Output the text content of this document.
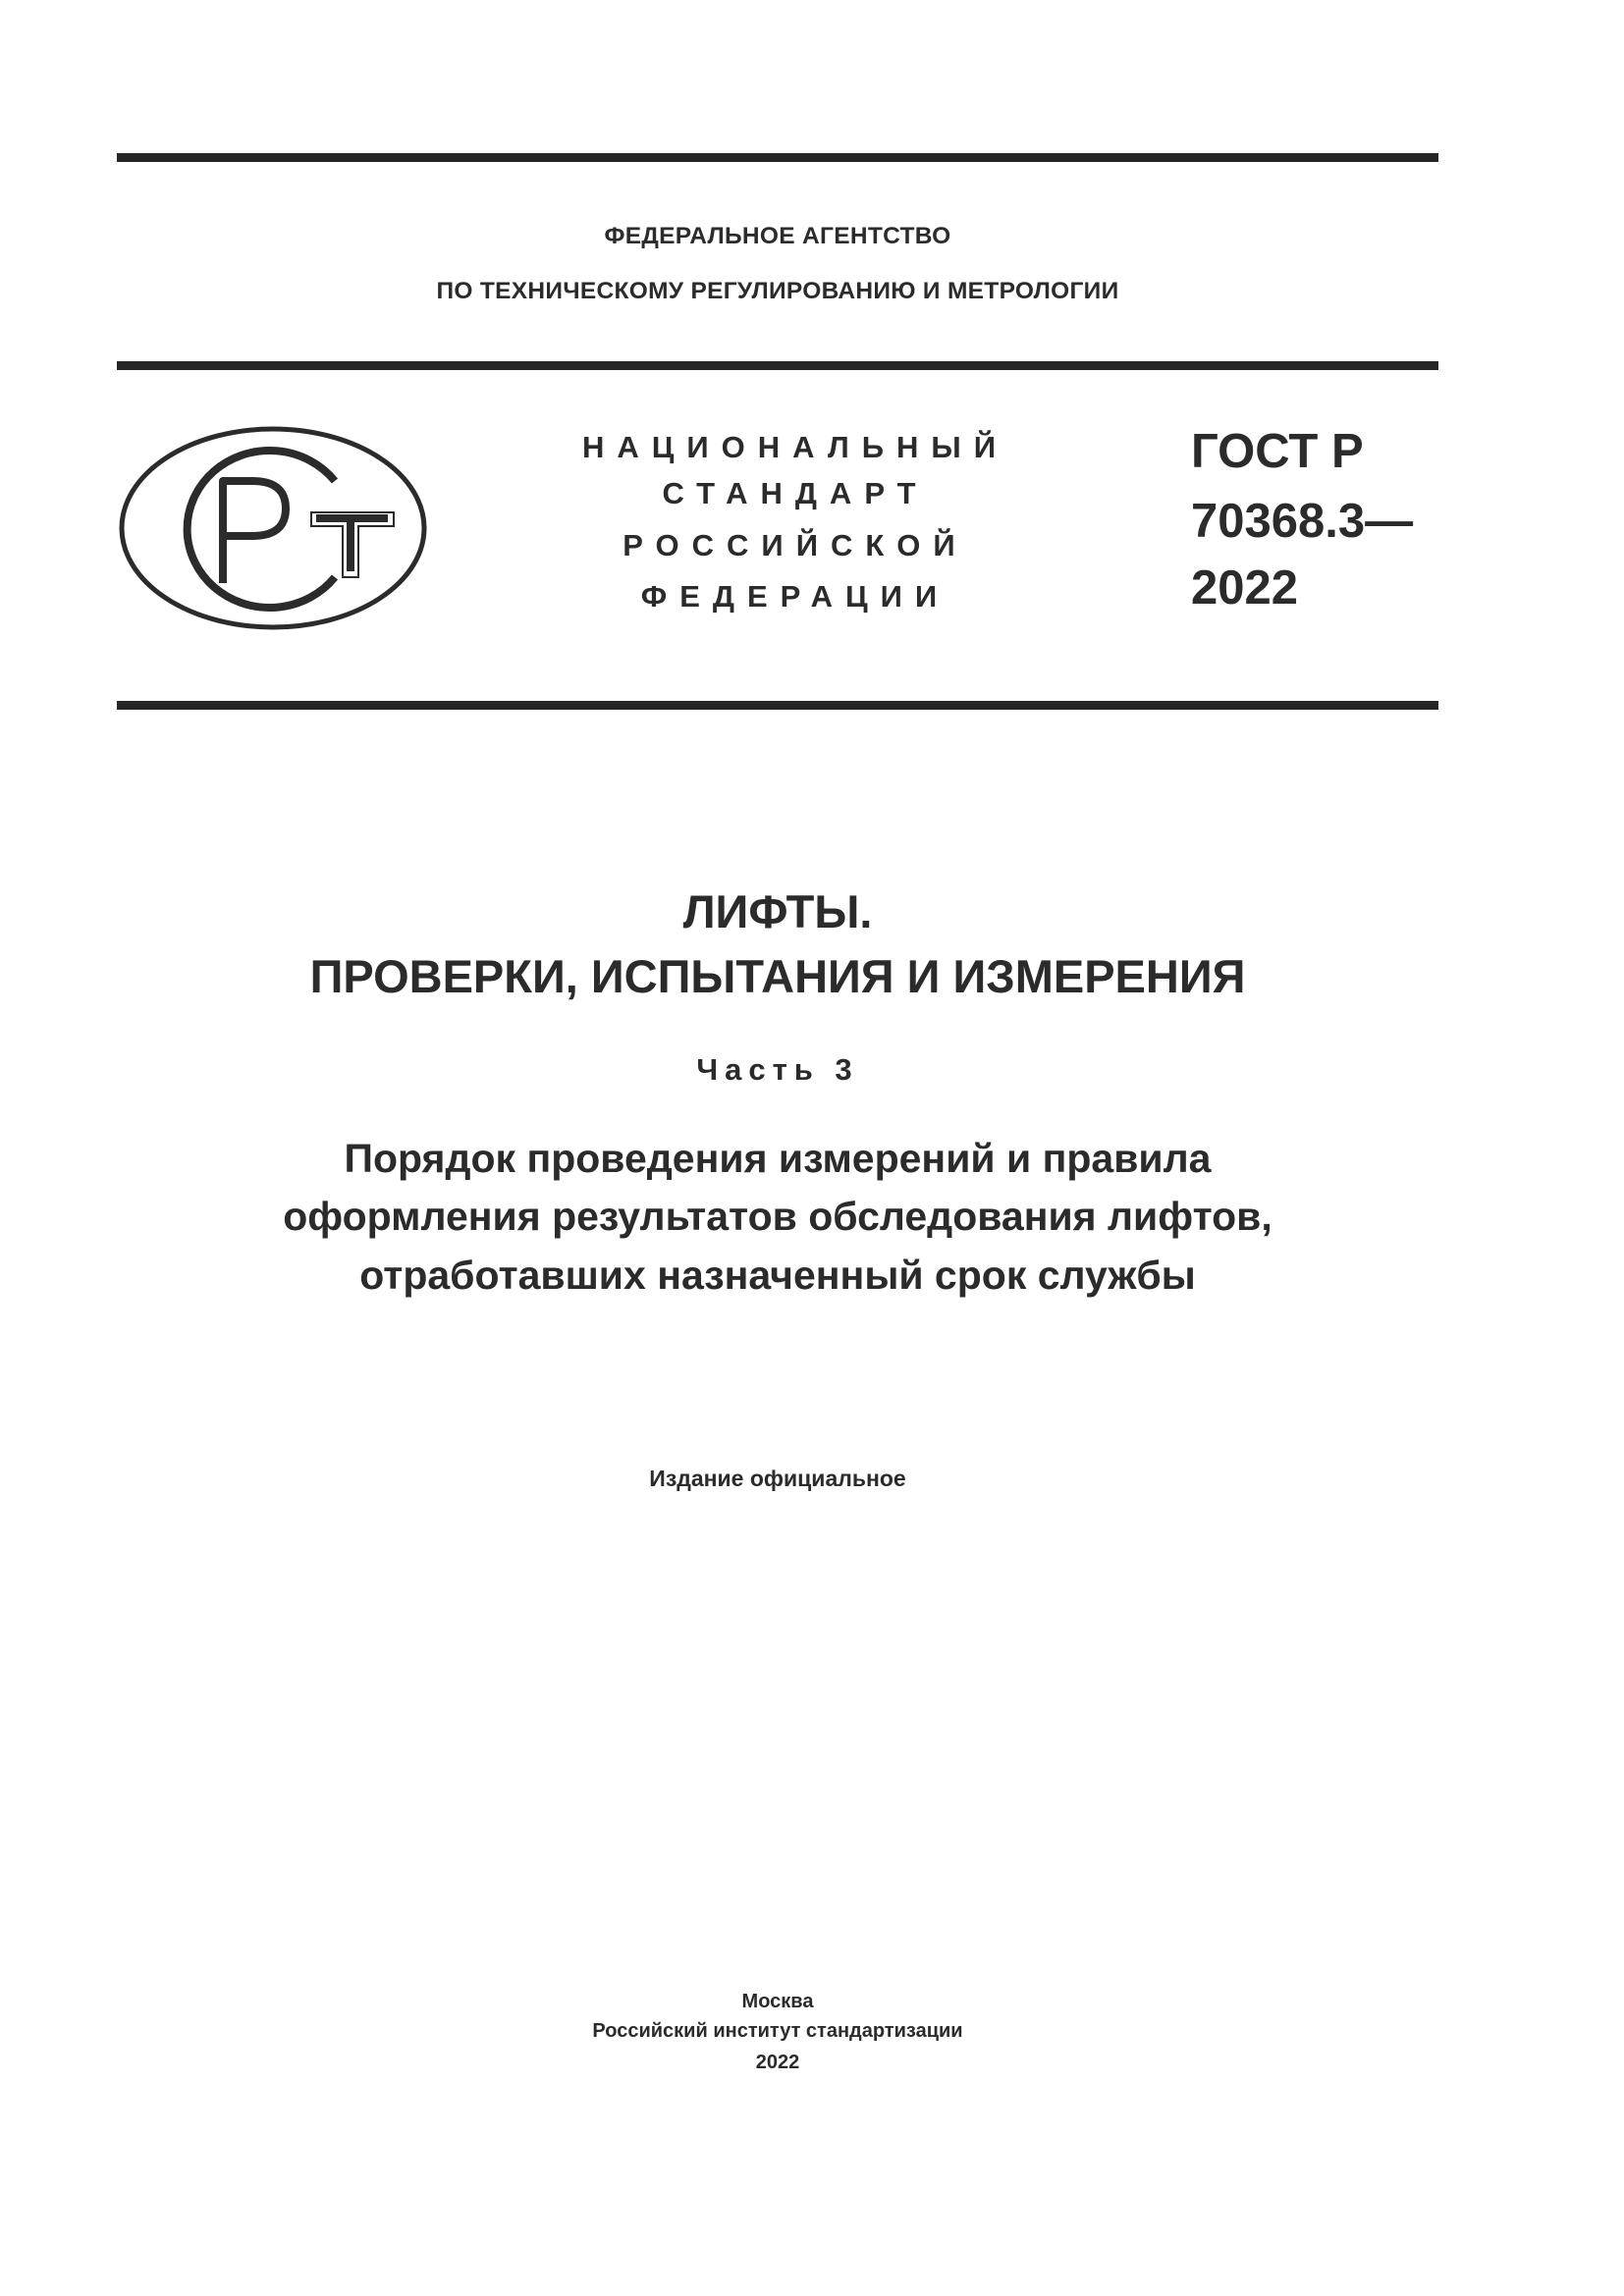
ФЕДЕРАЛЬНОЕ АГЕНТСТВО
ПО ТЕХНИЧЕСКОМУ РЕГУЛИРОВАНИЮ И МЕТРОЛОГИИ
НАЦИОНАЛЬНЫЙ
СТАНДАРТ
РОССИЙСКОЙ
ФЕДЕРАЦИИ
ГОСТ Р
70368.3—
2022
ЛИФТЫ.
ПРОВЕРКИ, ИСПЫТАНИЯ И ИЗМЕРЕНИЯ
Часть 3
Порядок проведения измерений и правила
оформления результатов обследования лифтов,
отработавших назначенный срок службы
Издание официальное
Москва
Российский институт стандартизации
2022
